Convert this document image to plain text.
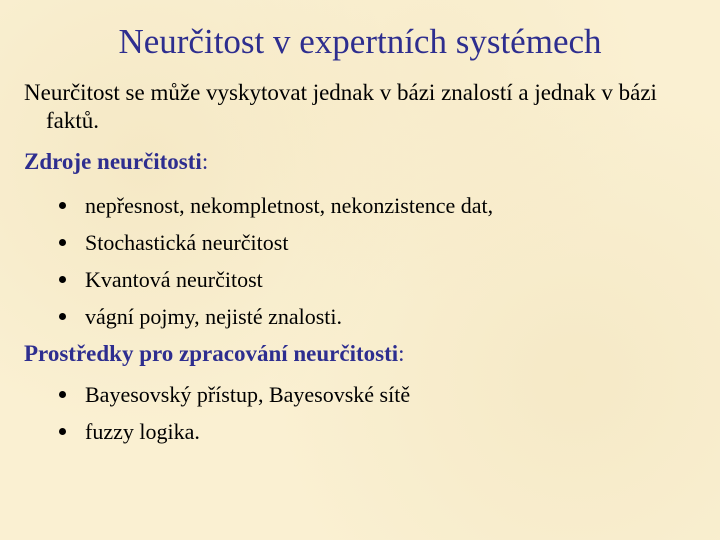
Neurčitost v expertních systémech
Neurčitost se může vyskytovat jednak v bázi znalostí a jednak v bázi faktů.
Zdroje neurčitosti:
nepřesnost, nekompletnost, nekonzistence dat,
Stochastická neurčitost
Kvantová neurčitost
vágní pojmy, nejisté znalosti.
Prostředky pro zpracování neurčitosti:
Bayesovský přístup, Bayesovské sítě
fuzzy logika.
